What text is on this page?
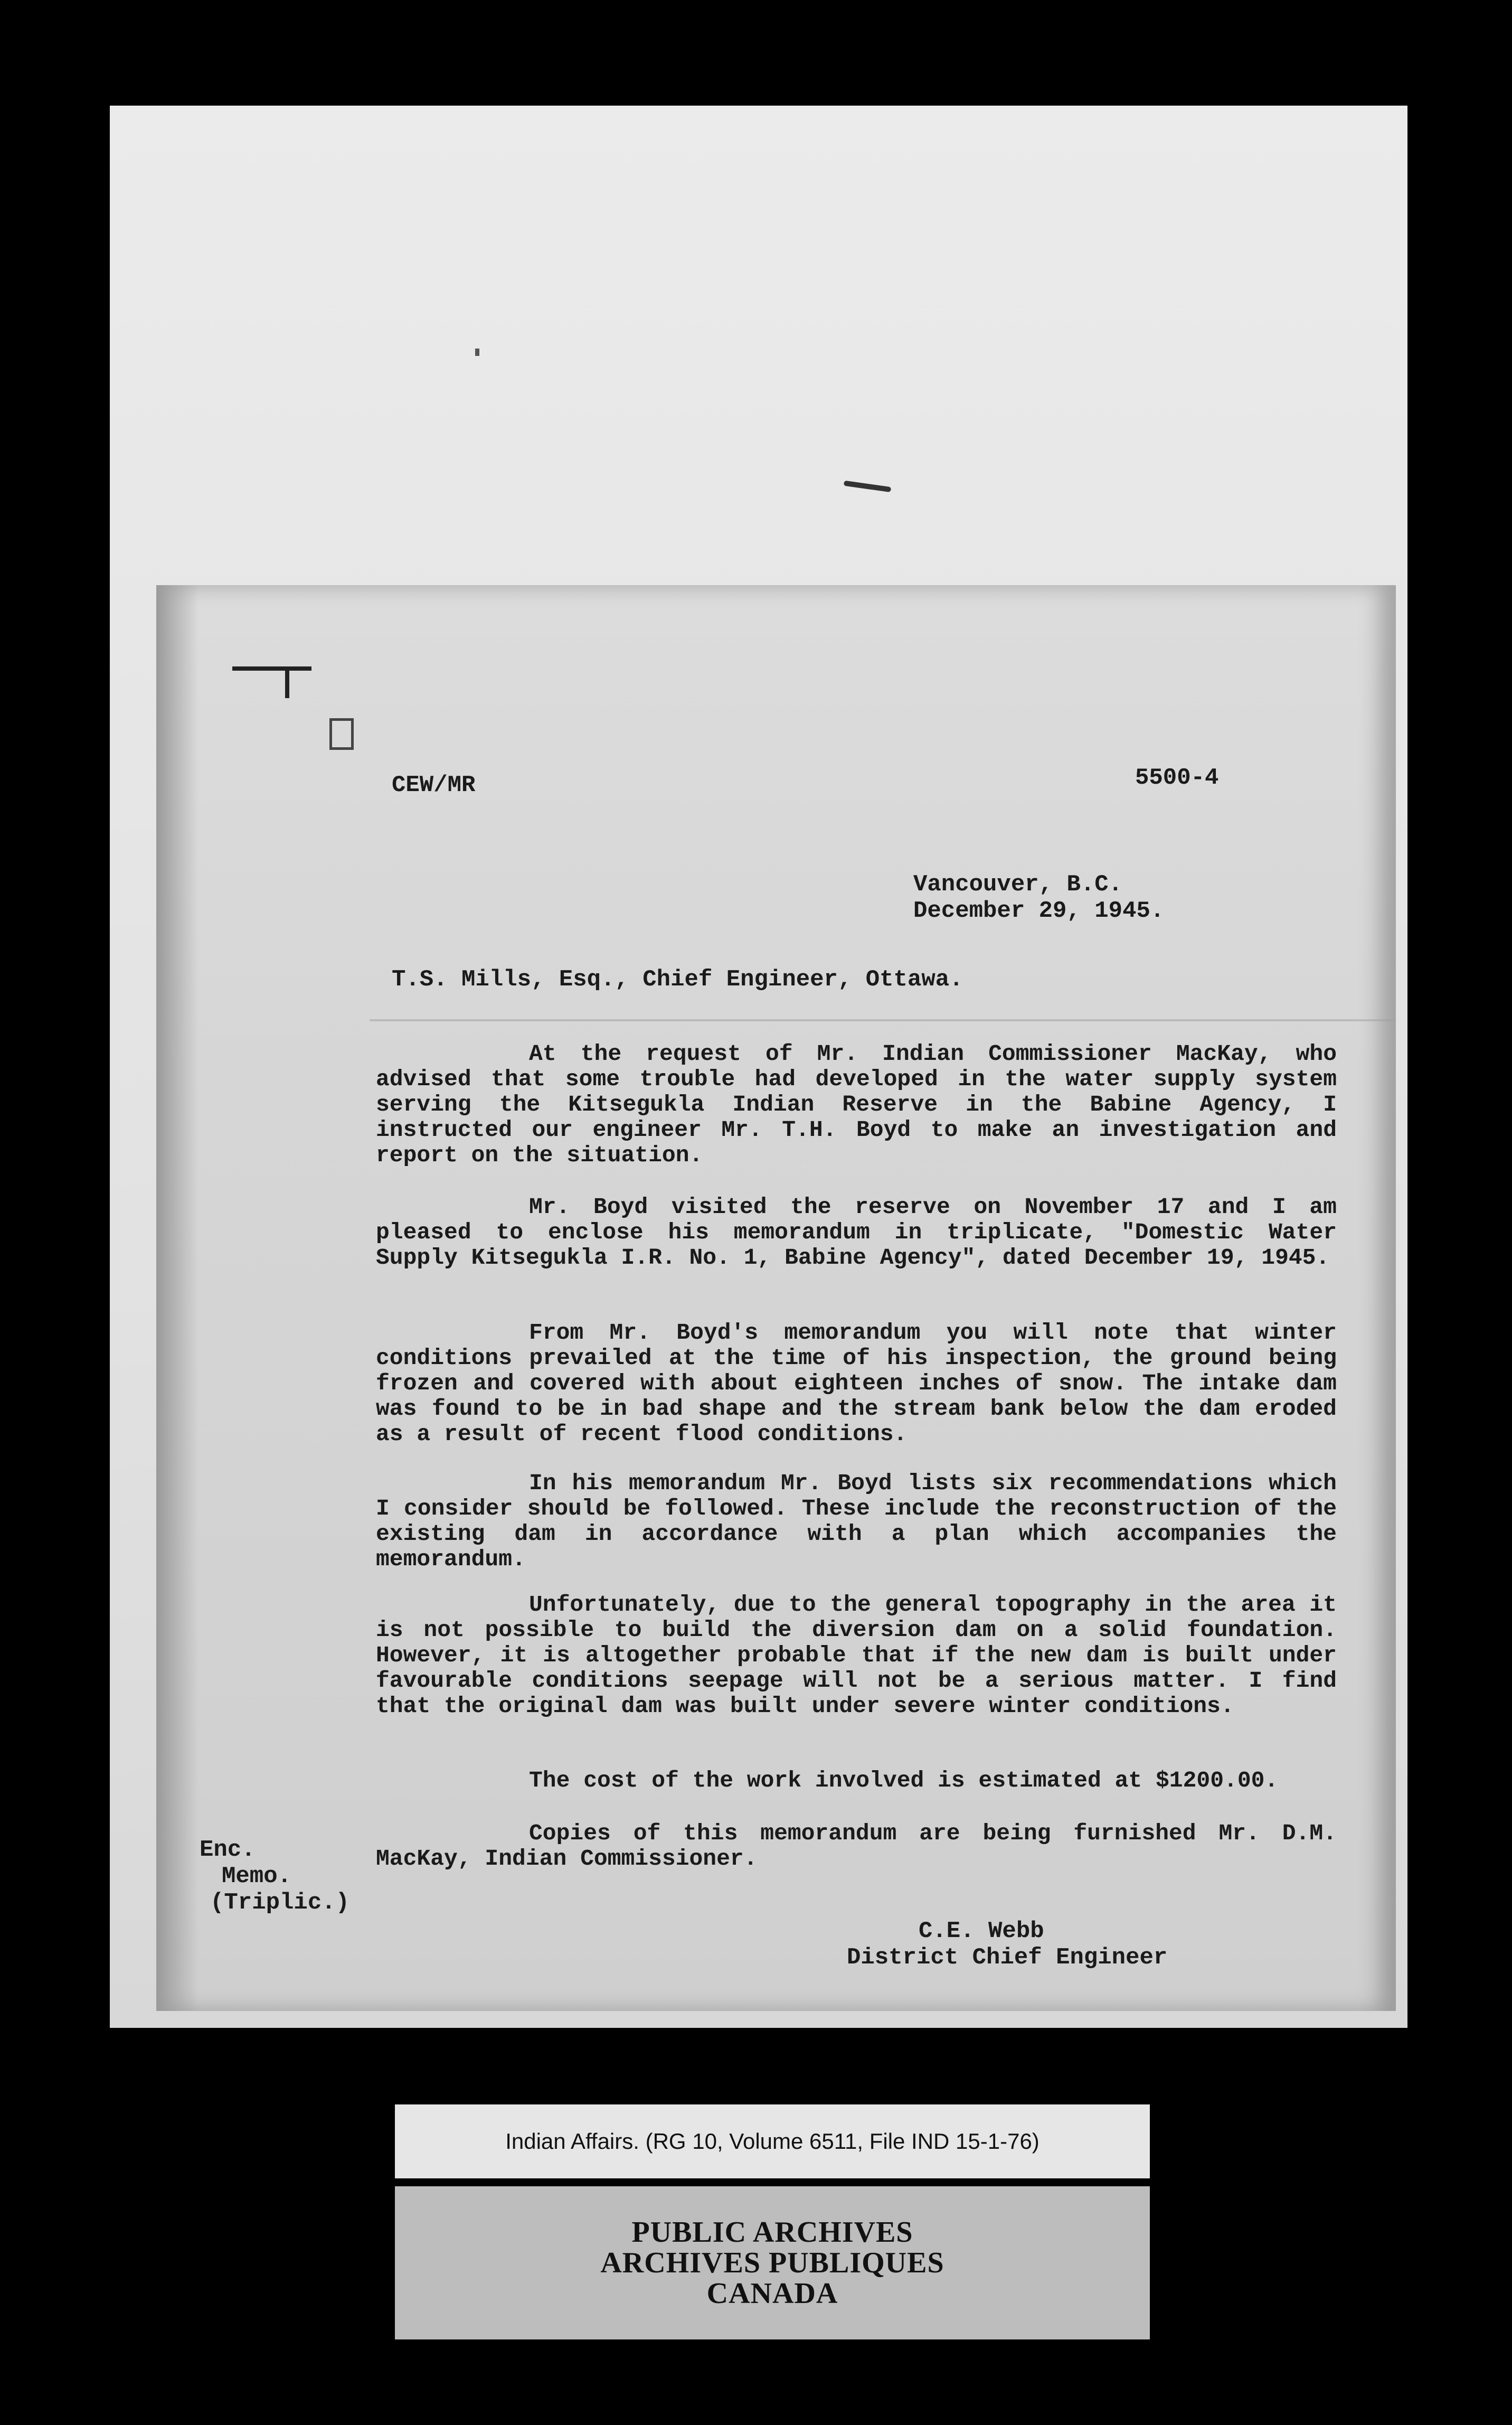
CEW/MR	5500-4
Vancouver, B.C.
December 29, 1945.
T.S. Mills, Esq., Chief Engineer, Ottawa.
At the request of Mr. Indian Commissioner MacKay, who advised that some trouble had developed in the water supply system serving the Kitsegukla Indian Reserve in the Babine Agency, I instructed our engineer Mr. T.H. Boyd to make an investigation and report on the situation.
Mr. Boyd visited the reserve on November 17 and I am pleased to enclose his memorandum in triplicate, "Domestic Water Supply Kitsegukla I.R. No. 1, Babine Agency", dated December 19, 1945.
From Mr. Boyd's memorandum you will note that winter conditions prevailed at the time of his inspection, the ground being frozen and covered with about eighteen inches of snow. The intake dam was found to be in bad shape and the stream bank below the dam eroded as a result of recent flood conditions.
In his memorandum Mr. Boyd lists six recommendations which I consider should be followed. These include the reconstruction of the existing dam in accordance with a plan which accompanies the memorandum.
Unfortunately, due to the general topography in the area it is not possible to build the diversion dam on a solid foundation. However, it is altogether probable that if the new dam is built under favourable conditions seepage will not be a serious matter. I find that the original dam was built under severe winter conditions.
The cost of the work involved is estimated at $1200.00.
Copies of this memorandum are being furnished Mr. D.M. MacKay, Indian Commissioner.
Enc.
Memo.
(Triplic.)
C.E. Webb
District Chief Engineer
Indian Affairs. (RG 10, Volume 6511, File IND 15-1-76)
PUBLIC ARCHIVES
ARCHIVES PUBLIQUES
CANADA
